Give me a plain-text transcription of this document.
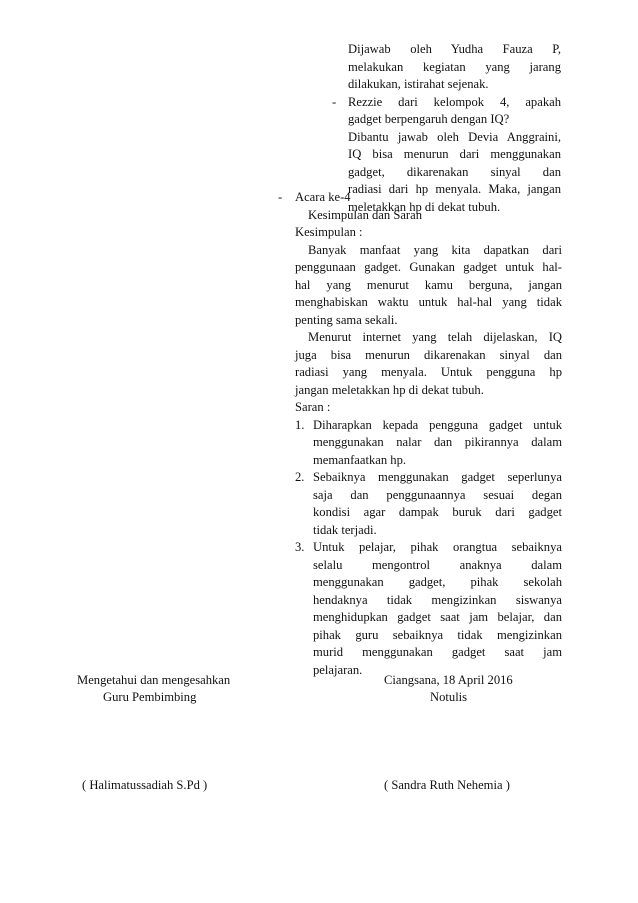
Dijawab oleh Yudha Fauza P,
melakukan kegiatan yang jarang
dilakukan, istirahat sejenak.
- Rezzie dari kelompok 4, apakah
gadget berpengaruh dengan IQ?
Dibantu jawab oleh Devia Anggraini,
IQ bisa menurun dari menggunakan
gadget, dikarenakan sinyal dan
radiasi dari hp menyala. Maka, jangan
meletakkan hp di dekat tubuh.
- Acara ke-4
Kesimpulan dan Saran
Kesimpulan :
Banyak manfaat yang kita dapatkan dari
penggunaan gadget. Gunakan gadget untuk hal-
hal yang menurut kamu berguna, jangan
menghabiskan waktu untuk hal-hal yang tidak
penting sama sekali.
Menurut internet yang telah dijelaskan, IQ
juga bisa menurun dikarenakan sinyal dan
radiasi yang menyala. Untuk pengguna hp
jangan meletakkan hp di dekat tubuh.
Saran :
1. Diharapkan kepada pengguna gadget untuk
menggunakan nalar dan pikirannya dalam
memanfaatkan hp.
2. Sebaiknya menggunakan gadget seperlunya
saja dan penggunaannya sesuai degan
kondisi agar dampak buruk dari gadget
tidak terjadi.
3. Untuk pelajar, pihak orangtua sebaiknya
selalu mengontrol anaknya dalam
menggunakan gadget, pihak sekolah
hendaknya tidak mengizinkan siswanya
menghidupkan gadget saat jam belajar, dan
pihak guru sebaiknya tidak mengizinkan
murid menggunakan gadget saat jam
pelajaran.
Mengetahui dan mengesahkan
Guru Pembimbing
Ciangsana, 18 April 2016
Notulis
( Halimatussadiah S.Pd )	( Sandra Ruth Nehemia )
